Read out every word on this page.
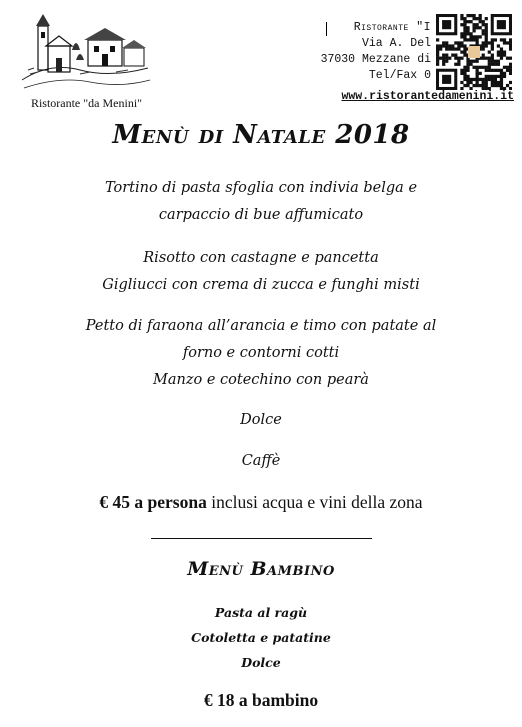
Ristorante "da Menini"
Ristorante "I
Via A. Del
37030 Mezzane di
Tel/Fax 0
www.ristorantedamenini.it
Menù di Natale 2018
Tortino di pasta sfoglia con indivia belga e
carpaccio di bue affumicato
Risotto con castagne e pancetta
Gigliucci con crema di zucca e funghi misti
Petto di faraona all’arancia e timo con patate al
forno e contorni cotti
Manzo e cotechino con pearà
Dolce
Caffè
€ 45 a persona inclusi acqua e vini della zona
Menù Bambino
Pasta al ragù
Cotoletta e patatine
Dolce
€ 18 a bambino
